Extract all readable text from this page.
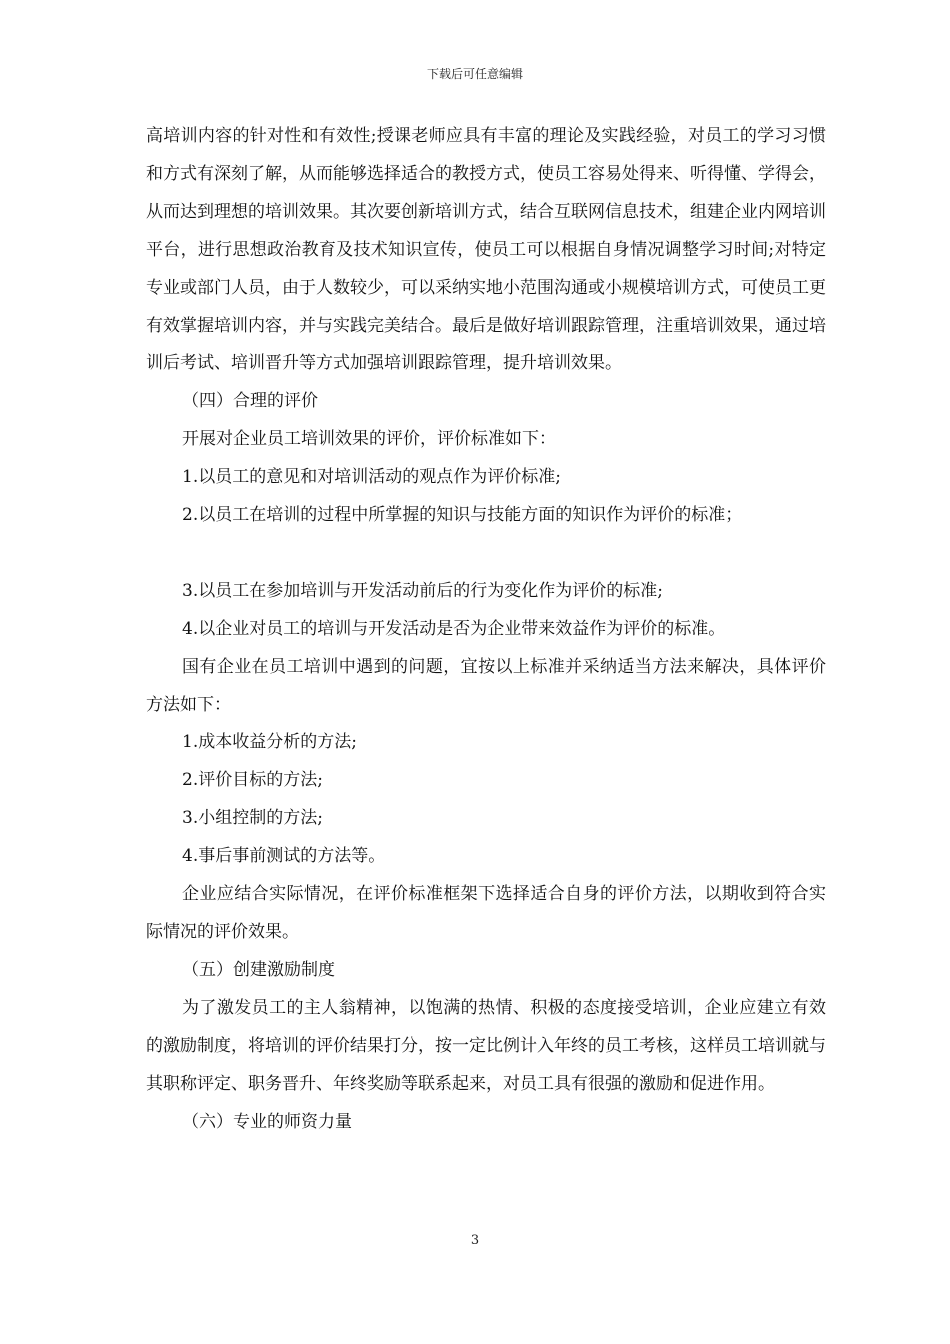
下载后可任意编辑

高培训内容的针对性和有效性;授课老师应具有丰富的理论及实践经验，对员工的学习习惯和方式有深刻了解，从而能够选择适合的教授方式，使员工容易处得来、听得懂、学得会，从而达到理想的培训效果。其次要创新培训方式，结合互联网信息技术，组建企业内网培训平台，进行思想政治教育及技术知识宣传，使员工可以根据自身情况调整学习时间;对特定专业或部门人员，由于人数较少，可以采纳实地小范围沟通或小规模培训方式，可使员工更有效掌握培训内容，并与实践完美结合。最后是做好培训跟踪管理，注重培训效果，通过培训后考试、培训晋升等方式加强培训跟踪管理，提升培训效果。

（四）合理的评价

开展对企业员工培训效果的评价，评价标准如下：

1.以员工的意见和对培训活动的观点作为评价标准;

2.以员工在培训的过程中所掌握的知识与技能方面的知识作为评价的标准；

3.以员工在参加培训与开发活动前后的行为变化作为评价的标准;

4.以企业对员工的培训与开发活动是否为企业带来效益作为评价的标准。

国有企业在员工培训中遇到的问题，宜按以上标准并采纳适当方法来解决，具体评价方法如下：

1.成本收益分析的方法;

2.评价目标的方法;

3.小组控制的方法;

4.事后事前测试的方法等。

企业应结合实际情况，在评价标准框架下选择适合自身的评价方法，以期收到符合实际情况的评价效果。

（五）创建激励制度

为了激发员工的主人翁精神，以饱满的热情、积极的态度接受培训，企业应建立有效的激励制度，将培训的评价结果打分，按一定比例计入年终的员工考核，这样员工培训就与其职称评定、职务晋升、年终奖励等联系起来，对员工具有很强的激励和促进作用。

（六）专业的师资力量

3
